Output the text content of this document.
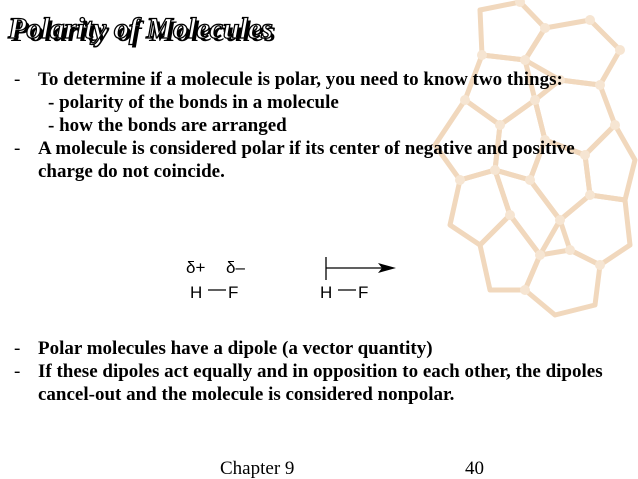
Polarity of Molecules
- To determine if a molecule is polar, you need to know two things:
- polarity of the bonds in a molecule
- how the bonds are arranged
- A molecule is considered polar if its center of negative and positive charge do not coincide.
δ+ δ–
H F	H F
- Polar molecules have a dipole (a vector quantity)
- If these dipoles act equally and in opposition to each other, the dipoles cancel-out and the molecule is considered nonpolar.
Chapter 9	40
